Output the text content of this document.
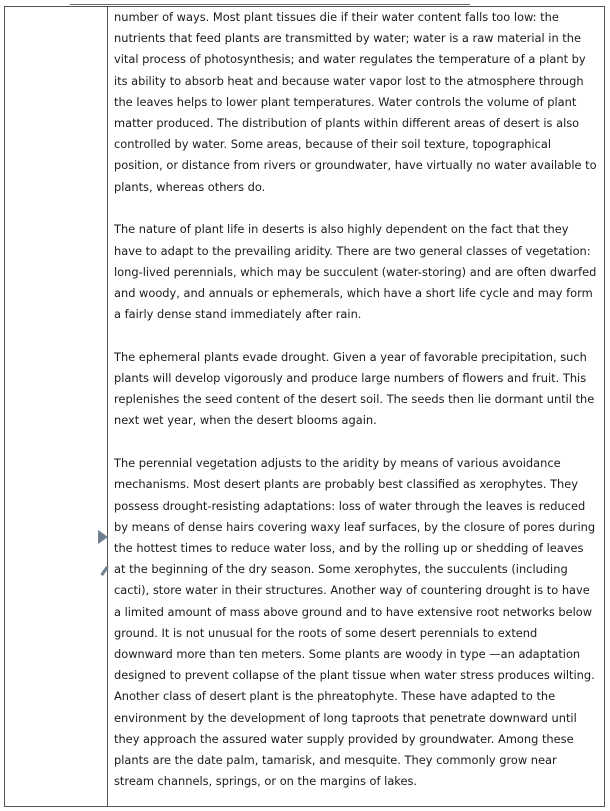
number of ways. Most plant tissues die if their water content falls too low: the nutrients that feed plants are transmitted by water; water is a raw material in the vital process of photosynthesis; and water regulates the temperature of a plant by its ability to absorb heat and because water vapor lost to the atmosphere through the leaves helps to lower plant temperatures. Water controls the volume of plant matter produced. The distribution of plants within different areas of desert is also controlled by water. Some areas, because of their soil texture, topographical position, or distance from rivers or groundwater, have virtually no water available to plants, whereas others do.

The nature of plant life in deserts is also highly dependent on the fact that they have to adapt to the prevailing aridity. There are two general classes of vegetation: long-lived perennials, which may be succulent (water-storing) and are often dwarfed and woody, and annuals or ephemerals, which have a short life cycle and may form a fairly dense stand immediately after rain.

The ephemeral plants evade drought. Given a year of favorable precipitation, such plants will develop vigorously and produce large numbers of flowers and fruit. This replenishes the seed content of the desert soil. The seeds then lie dormant until the next wet year, when the desert blooms again.

The perennial vegetation adjusts to the aridity by means of various avoidance mechanisms. Most desert plants are probably best classified as xerophytes. They possess drought-resisting adaptations: loss of water through the leaves is reduced by means of dense hairs covering waxy leaf surfaces, by the closure of pores during the hottest times to reduce water loss, and by the rolling up or shedding of leaves at the beginning of the dry season. Some xerophytes, the succulents (including cacti), store water in their structures. Another way of countering drought is to have a limited amount of mass above ground and to have extensive root networks below ground. It is not unusual for the roots of some desert perennials to extend downward more than ten meters. Some plants are woody in type —an adaptation designed to prevent collapse of the plant tissue when water stress produces wilting. Another class of desert plant is the phreatophyte. These have adapted to the environment by the development of long taproots that penetrate downward until they approach the assured water supply provided by groundwater. Among these plants are the date palm, tamarisk, and mesquite. They commonly grow near stream channels, springs, or on the margins of lakes.
